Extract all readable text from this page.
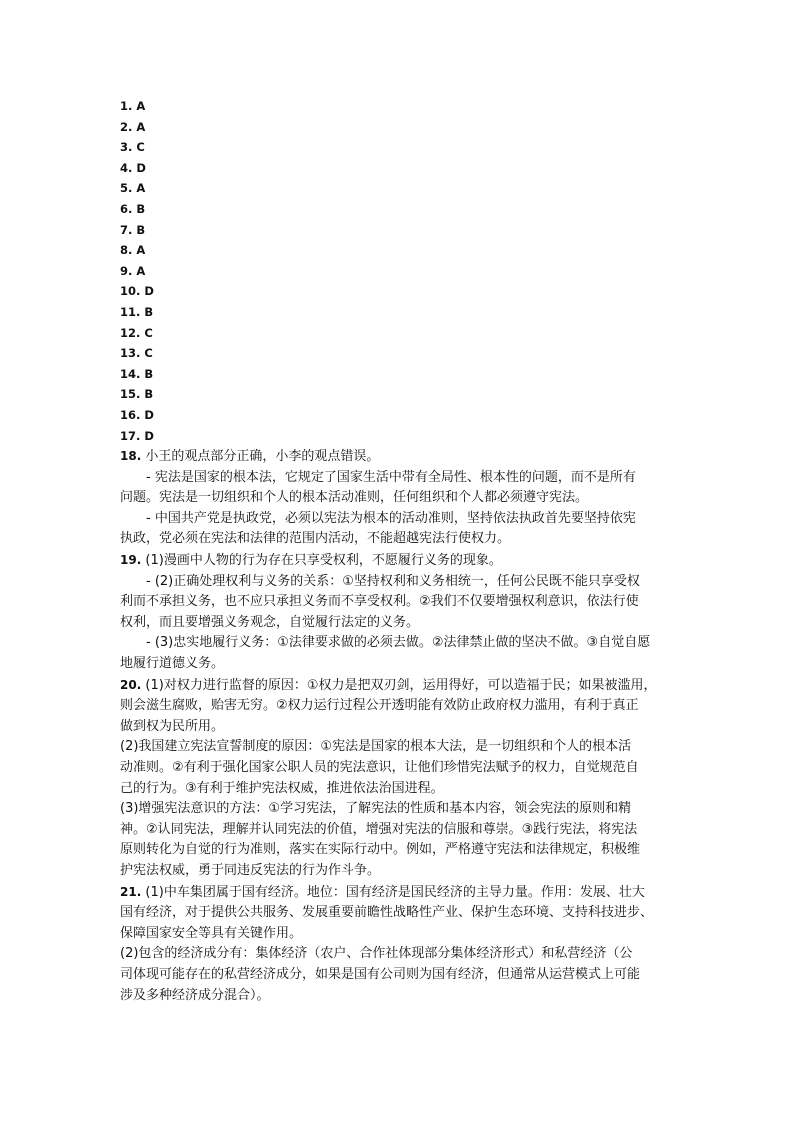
1. A
2. A
3. C
4. D
5. A
6. B
7. B
8. A
9. A
10. D
11. B
12. C
13. C
14. B
15. B
16. D
17. D
18. 小王的观点部分正确，小李的观点错误。
- 宪法是国家的根本法，它规定了国家生活中带有全局性、根本性的问题，而不是所有
问题。宪法是一切组织和个人的根本活动准则，任何组织和个人都必须遵守宪法。
- 中国共产党是执政党，必须以宪法为根本的活动准则，坚持依法执政首先要坚持依宪
执政，党必须在宪法和法律的范围内活动，不能超越宪法行使权力。
19. (1)漫画中人物的行为存在只享受权利，不愿履行义务的现象。
- (2)正确处理权利与义务的关系：①坚持权利和义务相统一，任何公民既不能只享受权
利而不承担义务，也不应只承担义务而不享受权利。②我们不仅要增强权利意识，依法行使
权利，而且要增强义务观念，自觉履行法定的义务。
- (3)忠实地履行义务：①法律要求做的必须去做。②法律禁止做的坚决不做。③自觉自愿
地履行道德义务。
20. (1)对权力进行监督的原因：①权力是把双刃剑，运用得好，可以造福于民；如果被滥用，
则会滋生腐败，贻害无穷。②权力运行过程公开透明能有效防止政府权力滥用，有利于真正
做到权为民所用。
(2)我国建立宪法宣誓制度的原因：①宪法是国家的根本大法，是一切组织和个人的根本活
动准则。②有利于强化国家公职人员的宪法意识，让他们珍惜宪法赋予的权力，自觉规范自
己的行为。③有利于维护宪法权威，推进依法治国进程。
(3)增强宪法意识的方法：①学习宪法，了解宪法的性质和基本内容，领会宪法的原则和精
神。②认同宪法，理解并认同宪法的价值，增强对宪法的信服和尊崇。③践行宪法，将宪法
原则转化为自觉的行为准则，落实在实际行动中。例如，严格遵守宪法和法律规定，积极维
护宪法权威，勇于同违反宪法的行为作斗争。
21. (1)中车集团属于国有经济。地位：国有经济是国民经济的主导力量。作用：发展、壮大
国有经济，对于提供公共服务、发展重要前瞻性战略性产业、保护生态环境、支持科技进步、
保障国家安全等具有关键作用。
(2)包含的经济成分有：集体经济（农户、合作社体现部分集体经济形式）和私营经济（公
司体现可能存在的私营经济成分，如果是国有公司则为国有经济，但通常从运营模式上可能
涉及多种经济成分混合）。
